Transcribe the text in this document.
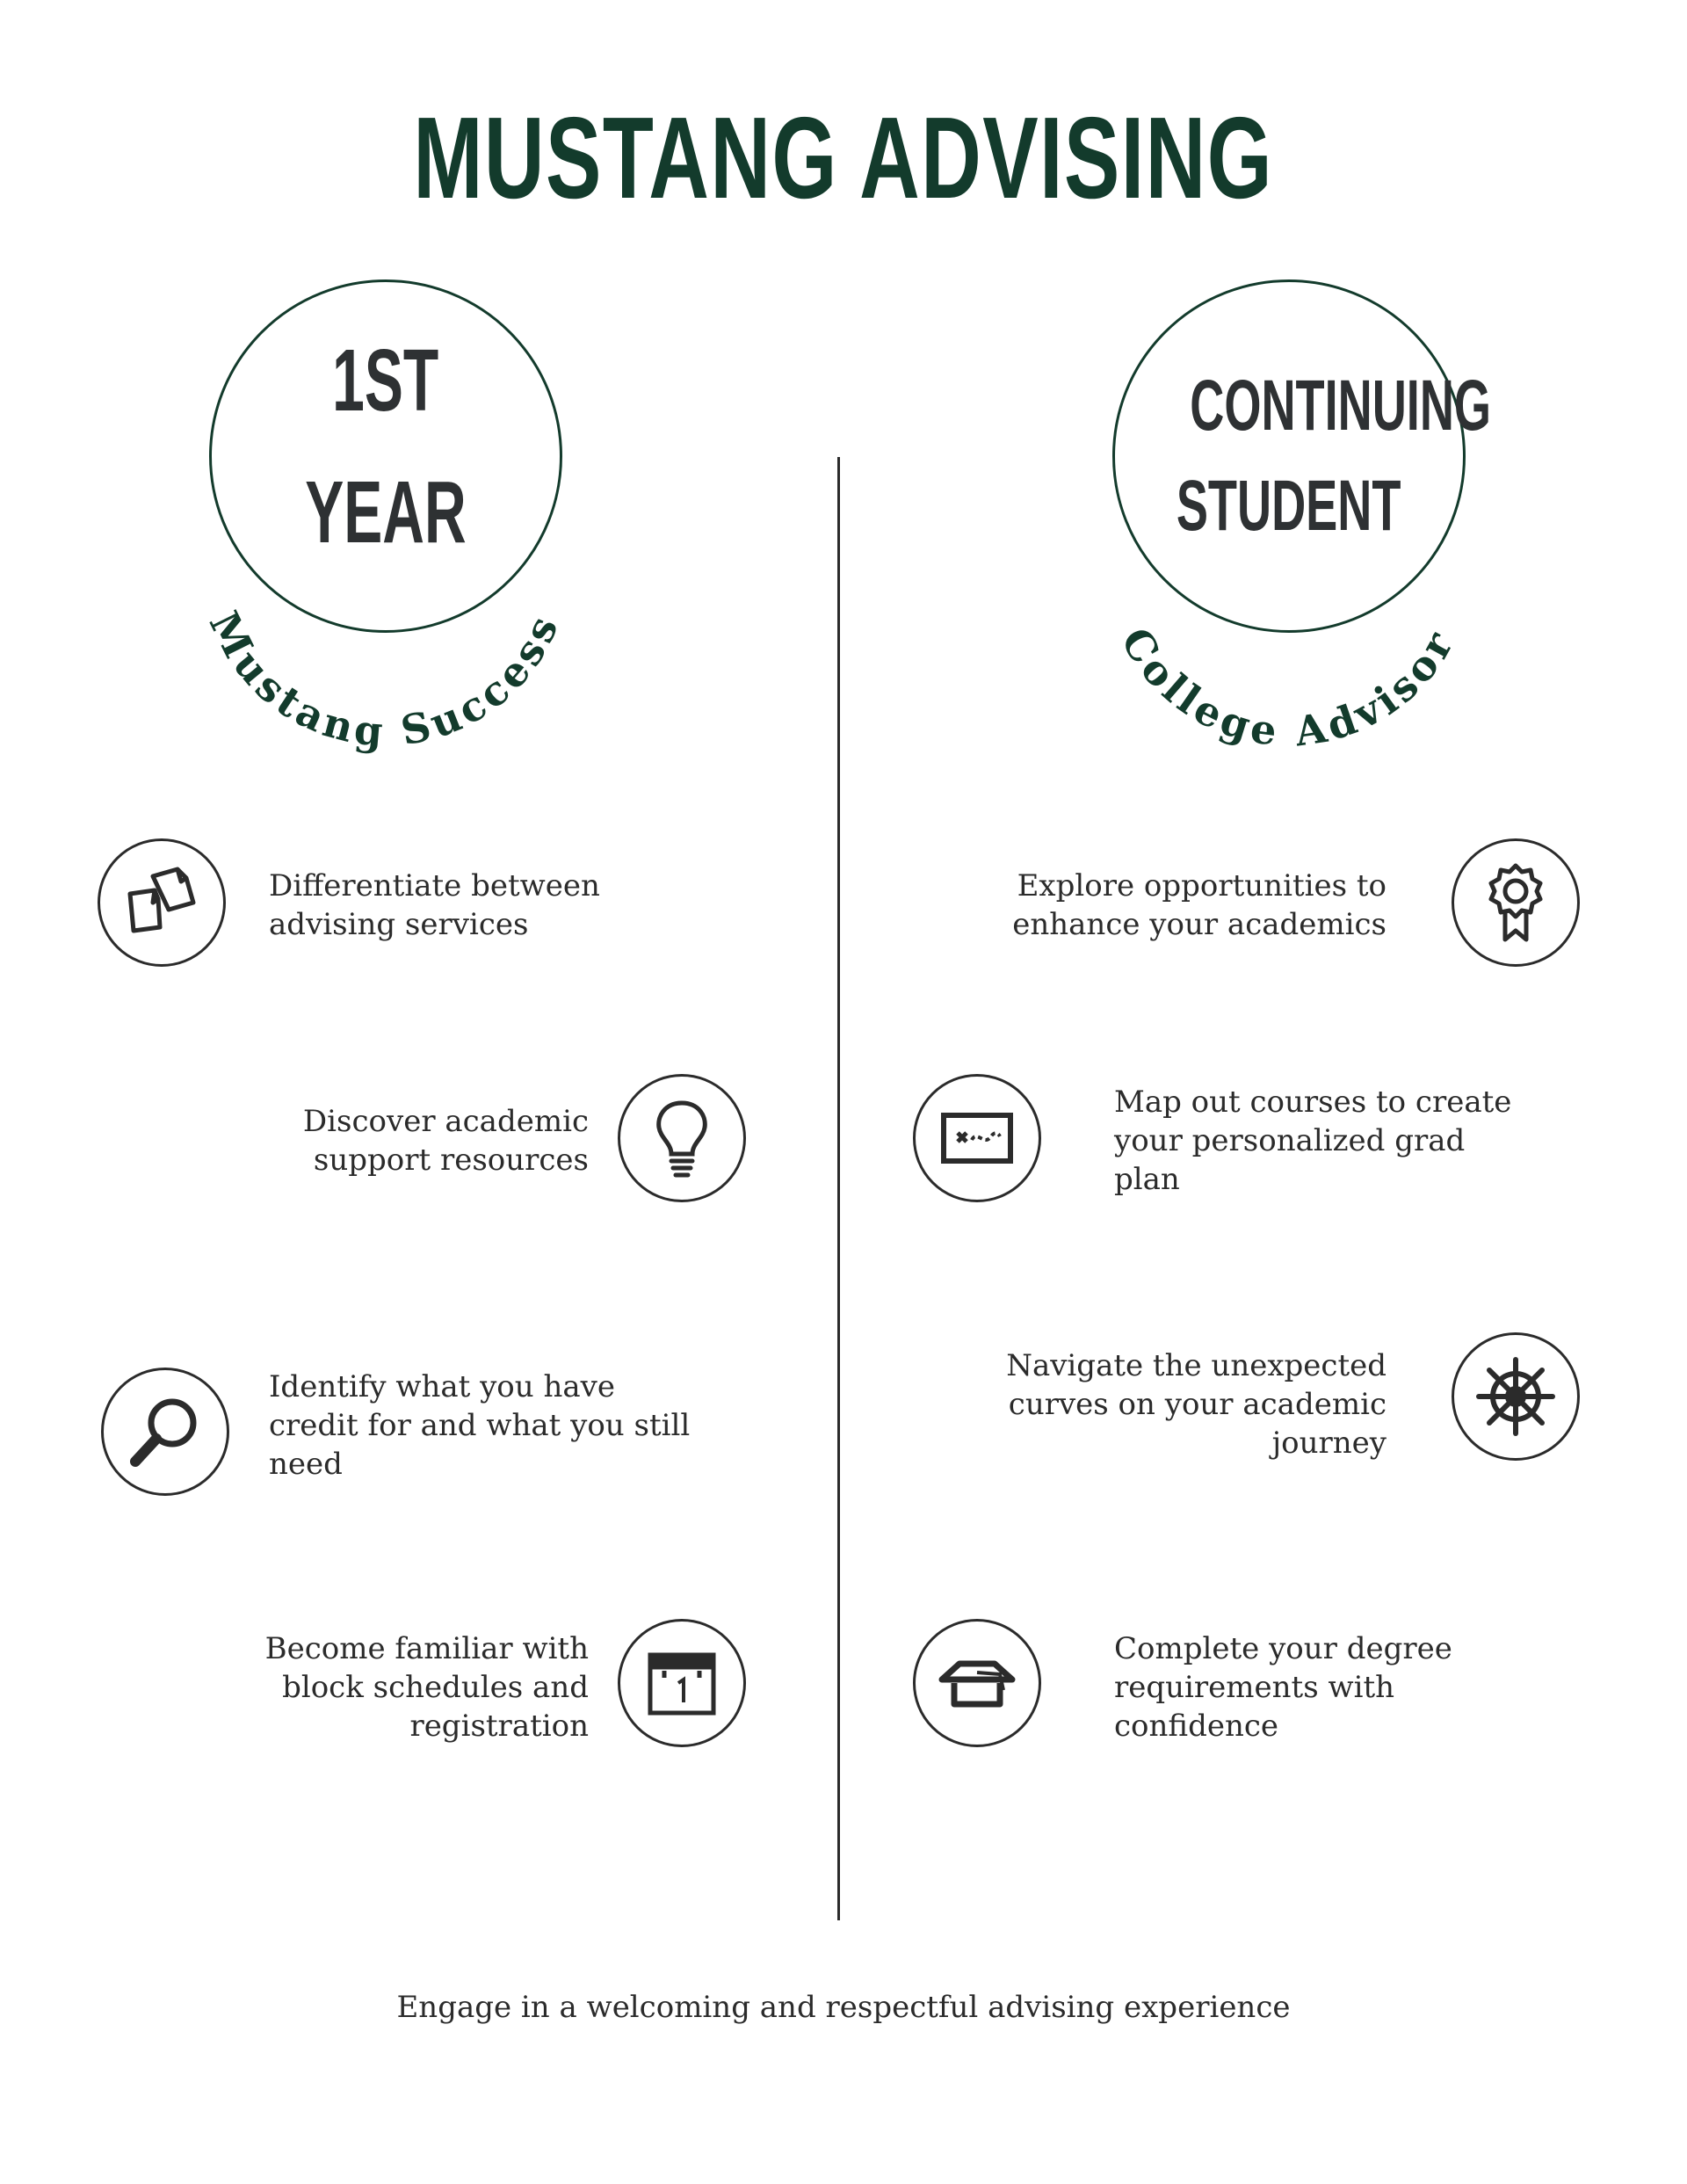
MUSTANG ADVISING
1ST
YEAR
Mustang Success
CONTINUING
STUDENT
College Advisor
Differentiate between advising services
Discover academic support resources
Identify what you have credit for and what you still need
Become familiar with block schedules and registration
Explore opportunities to enhance your academics
Map out courses to create your personalized grad plan
Navigate the unexpected curves on your academic journey
Complete your degree requirements with confidence
Engage in a welcoming and respectful advising experience
